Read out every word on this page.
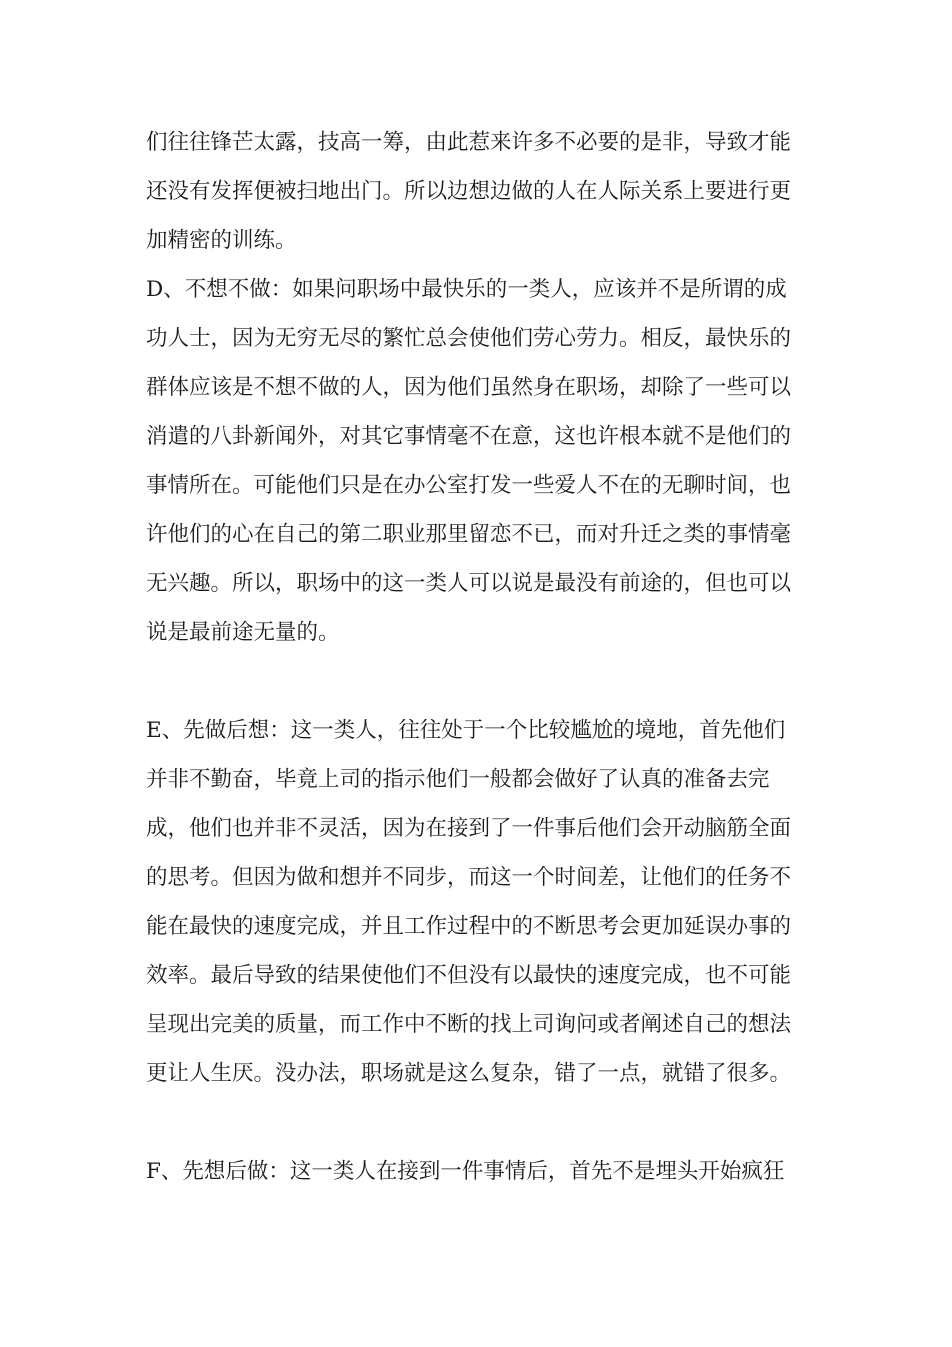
们往往锋芒太露，技高一筹，由此惹来许多不必要的是非，导致才能
还没有发挥便被扫地出门。所以边想边做的人在人际关系上要进行更
加精密的训练。
D、不想不做：如果问职场中最快乐的一类人，应该并不是所谓的成
功人士，因为无穷无尽的繁忙总会使他们劳心劳力。相反，最快乐的
群体应该是不想不做的人，因为他们虽然身在职场，却除了一些可以
消遣的八卦新闻外，对其它事情毫不在意，这也许根本就不是他们的
事情所在。可能他们只是在办公室打发一些爱人不在的无聊时间，也
许他们的心在自己的第二职业那里留恋不已，而对升迁之类的事情毫
无兴趣。所以，职场中的这一类人可以说是最没有前途的，但也可以
说是最前途无量的。
E、先做后想：这一类人，往往处于一个比较尴尬的境地，首先他们
并非不勤奋，毕竟上司的指示他们一般都会做好了认真的准备去完
成，他们也并非不灵活，因为在接到了一件事后他们会开动脑筋全面
的思考。但因为做和想并不同步，而这一个时间差，让他们的任务不
能在最快的速度完成，并且工作过程中的不断思考会更加延误办事的
效率。最后导致的结果使他们不但没有以最快的速度完成，也不可能
呈现出完美的质量，而工作中不断的找上司询问或者阐述自己的想法
更让人生厌。没办法，职场就是这么复杂，错了一点，就错了很多。
F、先想后做：这一类人在接到一件事情后，首先不是埋头开始疯狂
